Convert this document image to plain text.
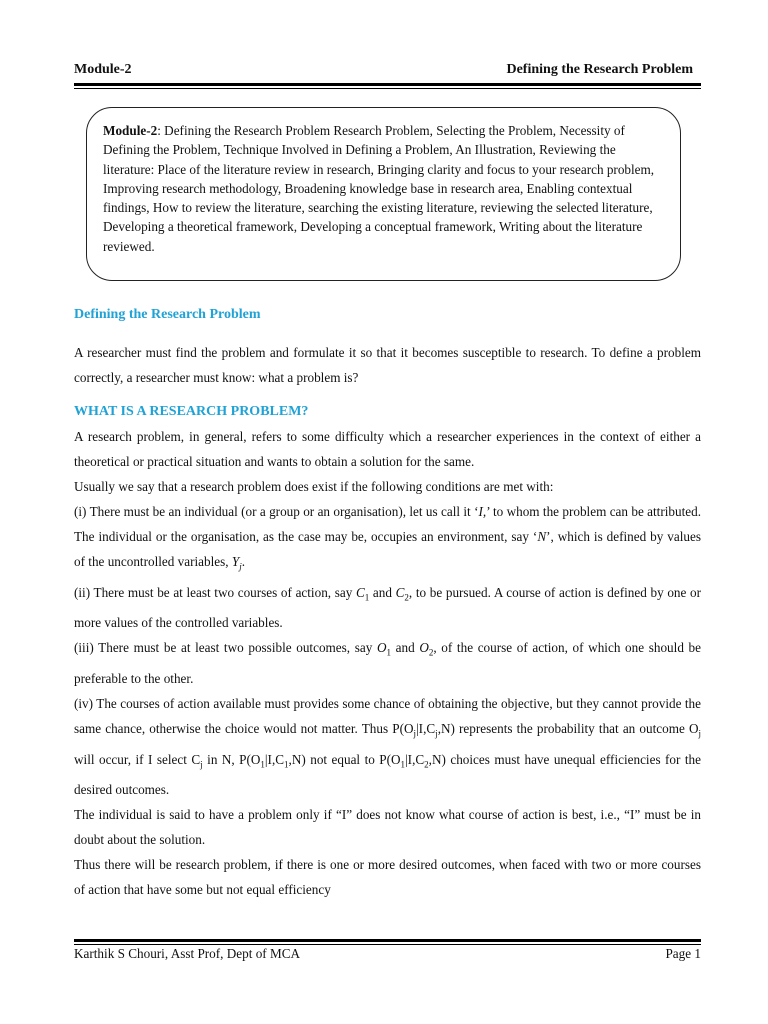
Module-2	Defining the Research Problem
Module-2: Defining the Research Problem Research Problem, Selecting the Problem, Necessity of Defining the Problem, Technique Involved in Defining a Problem, An Illustration, Reviewing the literature: Place of the literature review in research, Bringing clarity and focus to your research problem, Improving research methodology, Broadening knowledge base in research area, Enabling contextual findings, How to review the literature, searching the existing literature, reviewing the selected literature, Developing a theoretical framework, Developing a conceptual framework, Writing about the literature reviewed.
Defining the Research Problem

A researcher must find the problem and formulate it so that it becomes susceptible to research. To define a problem correctly, a researcher must know: what a problem is?

WHAT IS A RESEARCH PROBLEM?

A research problem, in general, refers to some difficulty which a researcher experiences in the context of either a theoretical or practical situation and wants to obtain a solution for the same.

Usually we say that a research problem does exist if the following conditions are met with:

(i) There must be an individual (or a group or an organisation), let us call it ‘I,’ to whom the problem can be attributed. The individual or the organisation, as the case may be, occupies an environment, say ‘N’, which is defined by values of the uncontrolled variables, $Y_j$.

(ii) There must be at least two courses of action, say $C_1$ and $C_2$, to be pursued. A course of action is defined by one or more values of the controlled variables.

(iii) There must be at least two possible outcomes, say $O_1$ and $O_2$, of the course of action, of which one should be preferable to the other.

(iv) The courses of action available must provides some chance of obtaining the objective, but they cannot provide the same chance, otherwise the choice would not matter. Thus $P(O_j|I,C_j,N)$ represents the probability that an outcome $O_j$ will occur, if I select $C_j$ in N, $P(O_1|I,C_1,N)$ not equal to $P(O_1|I,C_2,N)$ choices must have unequal efficiencies for the desired outcomes.

The individual is said to have a problem only if “I” does not know what course of action is best, i.e., “I” must be in doubt about the solution.

Thus there will be research problem, if there is one or more desired outcomes, when faced with two or more courses of action that have some but not equal efficiency

Karthik S Chouri, Asst Prof, Dept of MCA	Page 1
